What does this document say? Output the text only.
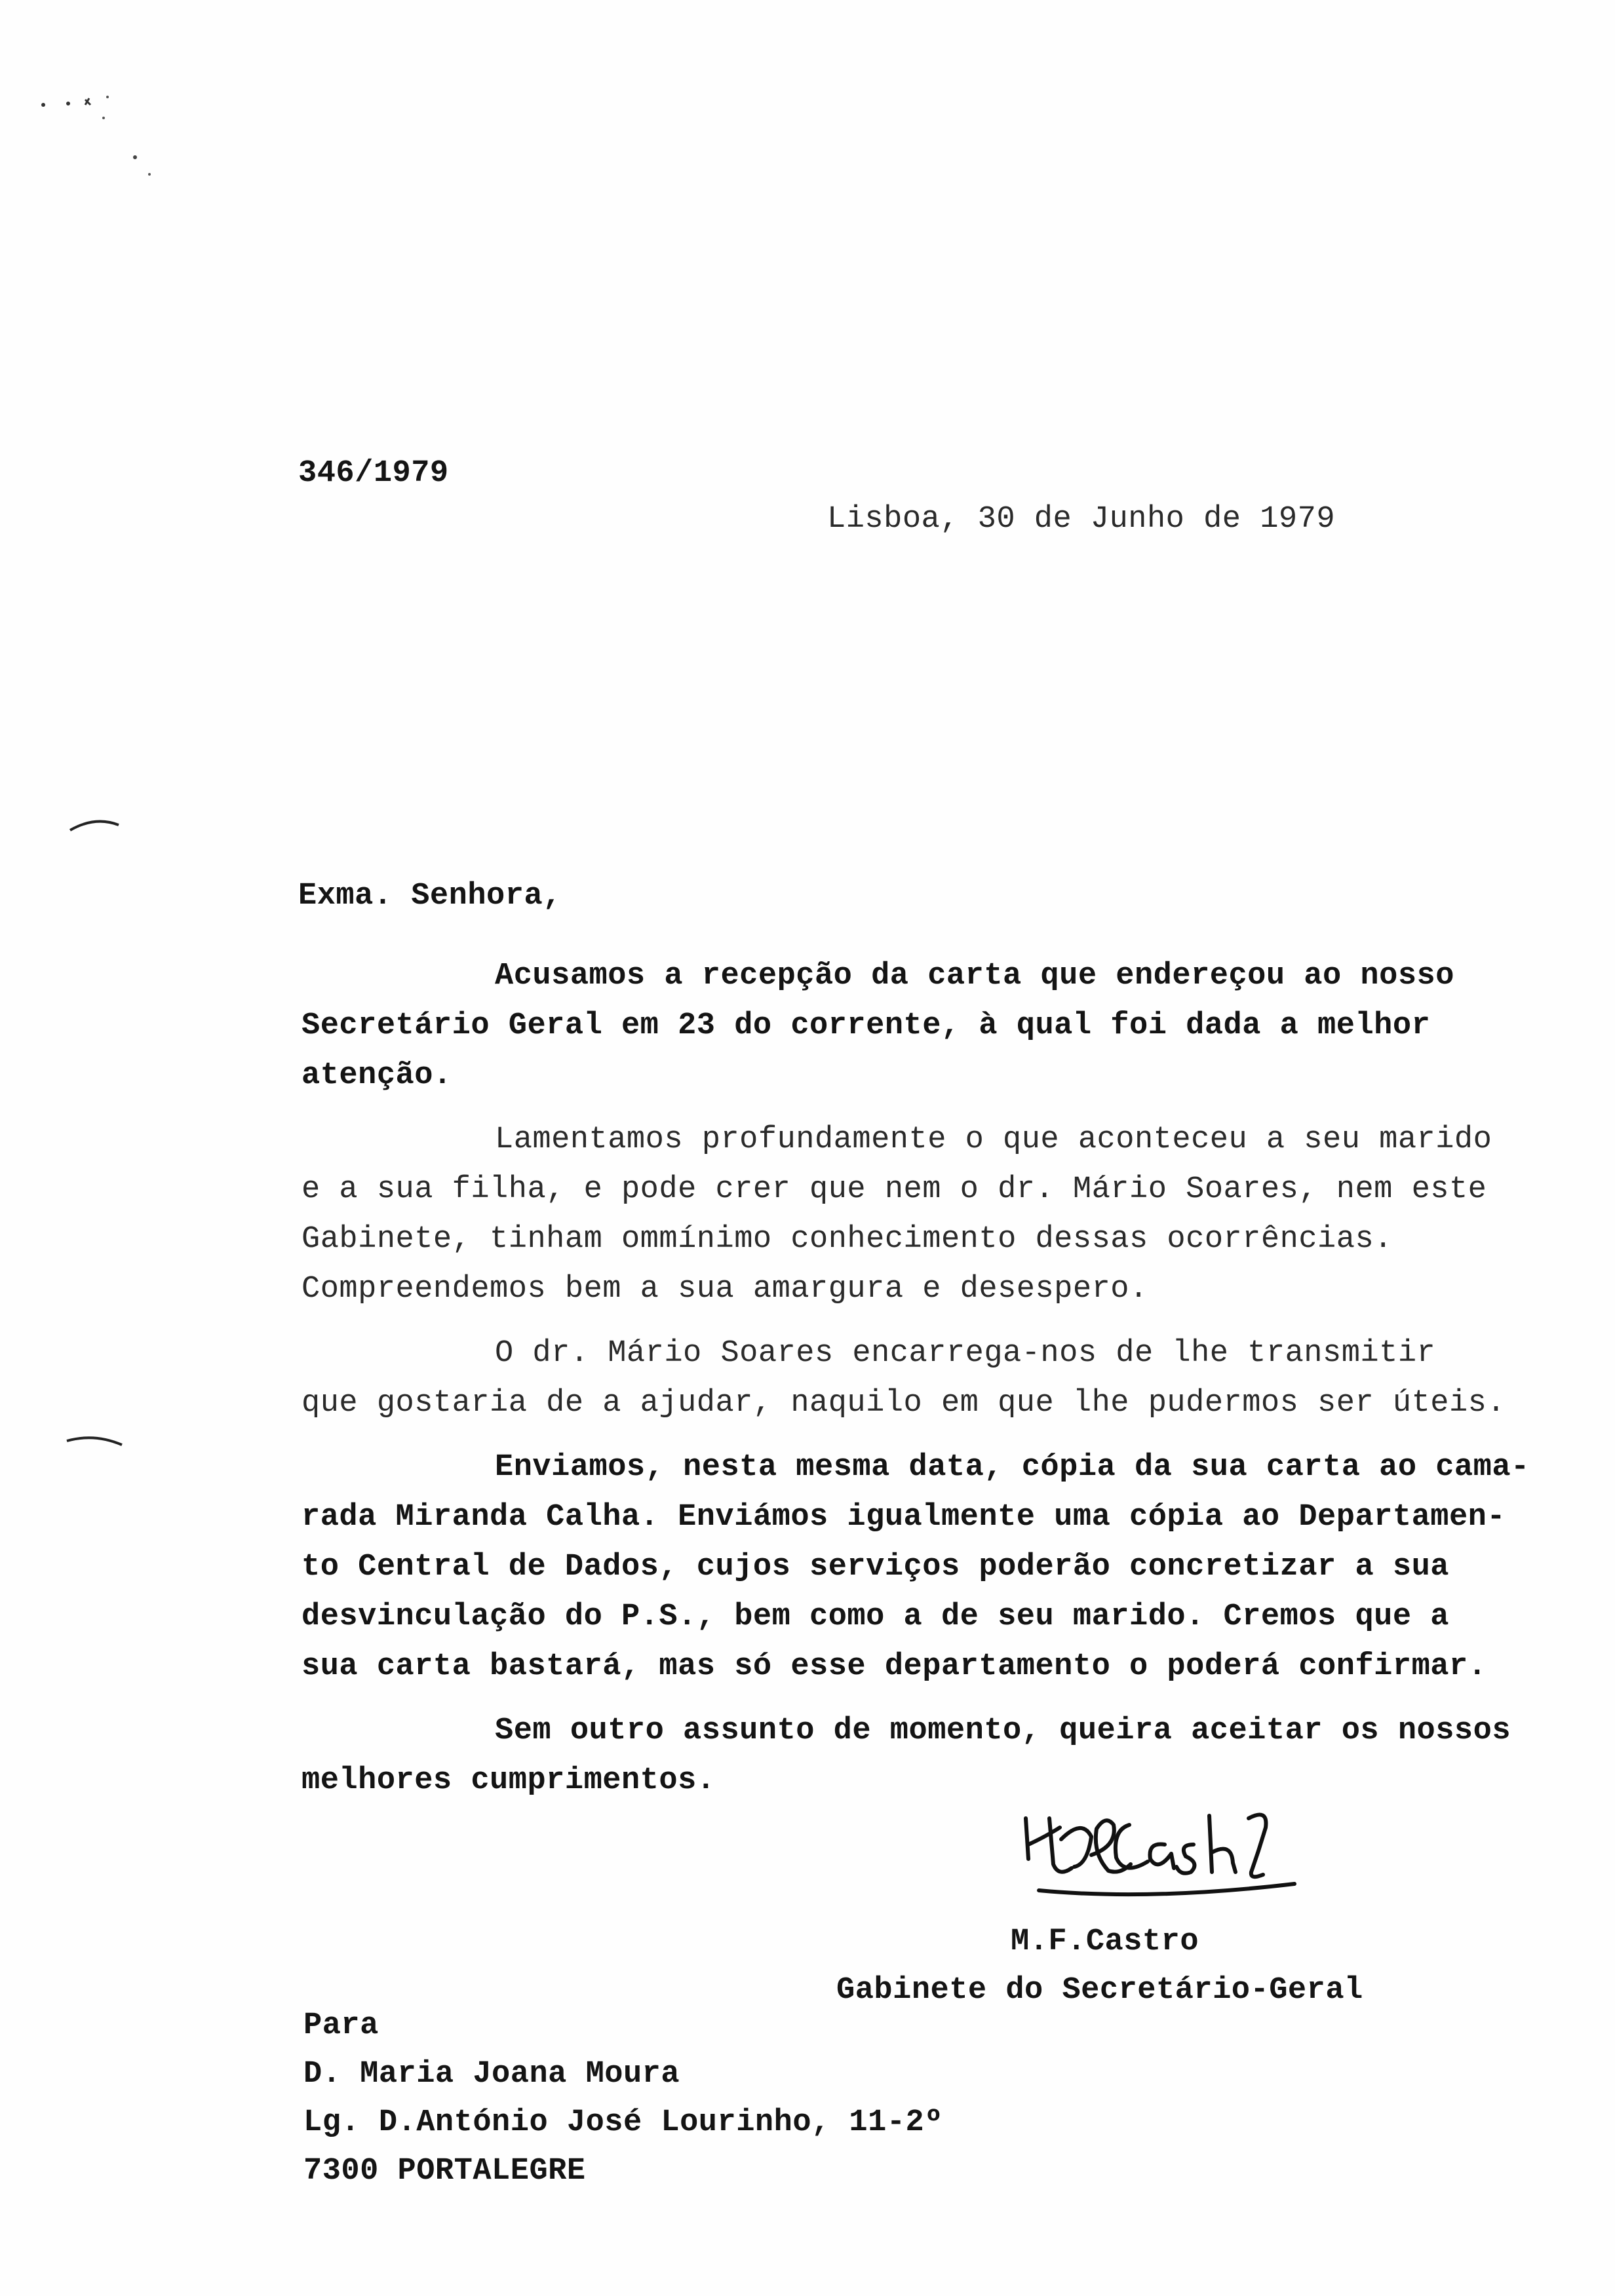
346/1979
Lisboa, 30 de Junho de 1979
Exma. Senhora,
Acusamos a recepção da carta que endereçou ao nosso
Secretário Geral em 23 do corrente, à qual foi dada a melhor
atenção.
Lamentamos profundamente o que aconteceu a seu marido
e a sua filha, e pode crer que nem o dr. Mário Soares, nem este
Gabinete, tinham ommínimo conhecimento dessas ocorrências.
Compreendemos bem a sua amargura e desespero.
O dr. Mário Soares encarrega-nos de lhe transmitir
que gostaria de a ajudar, naquilo em que lhe pudermos ser úteis.
Enviamos, nesta mesma data, cópia da sua carta ao cama-
rada Miranda Calha. Enviámos igualmente uma cópia ao Departamen-
to Central de Dados, cujos serviços poderão concretizar a sua
desvinculação do P.S., bem como a de seu marido. Cremos que a
sua carta bastará, mas só esse departamento o poderá confirmar.
Sem outro assunto de momento, queira aceitar os nossos
melhores cumprimentos.
M.F.Castro
Gabinete do Secretário-Geral
Para
D. Maria Joana Moura
Lg. D.António José Lourinho, 11-2º
7300 PORTALEGRE
